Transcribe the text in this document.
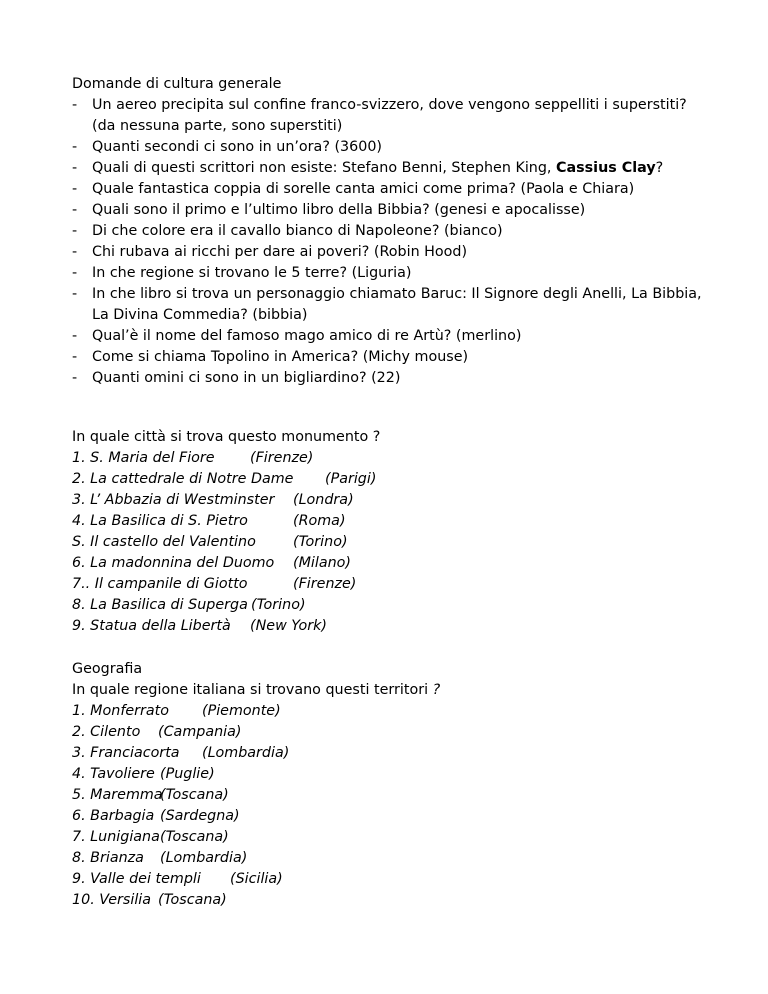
Domande di cultura generale
- Un aereo precipita sul confine franco-svizzero, dove vengono seppelliti i superstiti? (da nessuna parte, sono superstiti)
- Quanti secondi ci sono in un’ora? (3600)
- Quali di questi scrittori non esiste: Stefano Benni, Stephen King, Cassius Clay?
- Quale fantastica coppia di sorelle canta amici come prima? (Paola e Chiara)
- Quali sono il primo e l’ultimo libro della Bibbia? (genesi e apocalisse)
- Di che colore era il cavallo bianco di Napoleone? (bianco)
- Chi rubava ai ricchi per dare ai poveri? (Robin Hood)
- In che regione si trovano le 5 terre? (Liguria)
- In che libro si trova un personaggio chiamato Baruc: Il Signore degli Anelli, La Bibbia, La Divina Commedia? (bibbia)
- Qual’è il nome del famoso mago amico di re Artù? (merlino)
- Come si chiama Topolino in America? (Michy mouse)
- Quanti omini ci sono in un bigliardino? (22)
In quale città si trova questo monumento ?
1. S. Maria del Fiore (Firenze)
2. La cattedrale di Notre Dame (Parigi)
3. L’ Abbazia di Westminster (Londra)
4. La Basilica di S. Pietro	(Roma)
S. Il castello del Valentino	(Torino)
6. La madonnina del Duomo (Milano)
7.. Il campanile di Giotto	(Firenze)
8. La Basilica di Superga (Torino)
9. Statua della Libertà (New York)
Geografia
In quale regione italiana si trovano questi territori ?
1. Monferrato (Piemonte)
2. Cilento (Campania)
3. Franciacorta (Lombardia)
4. Tavoliere (Puglie)
5. Maremma(Toscana)
6. Barbagia (Sardegna)
7. Lunigiana(Toscana)
8. Brianza (Lombardia)
9. Valle dei templi (Sicilia)
10. Versilia (Toscana)
